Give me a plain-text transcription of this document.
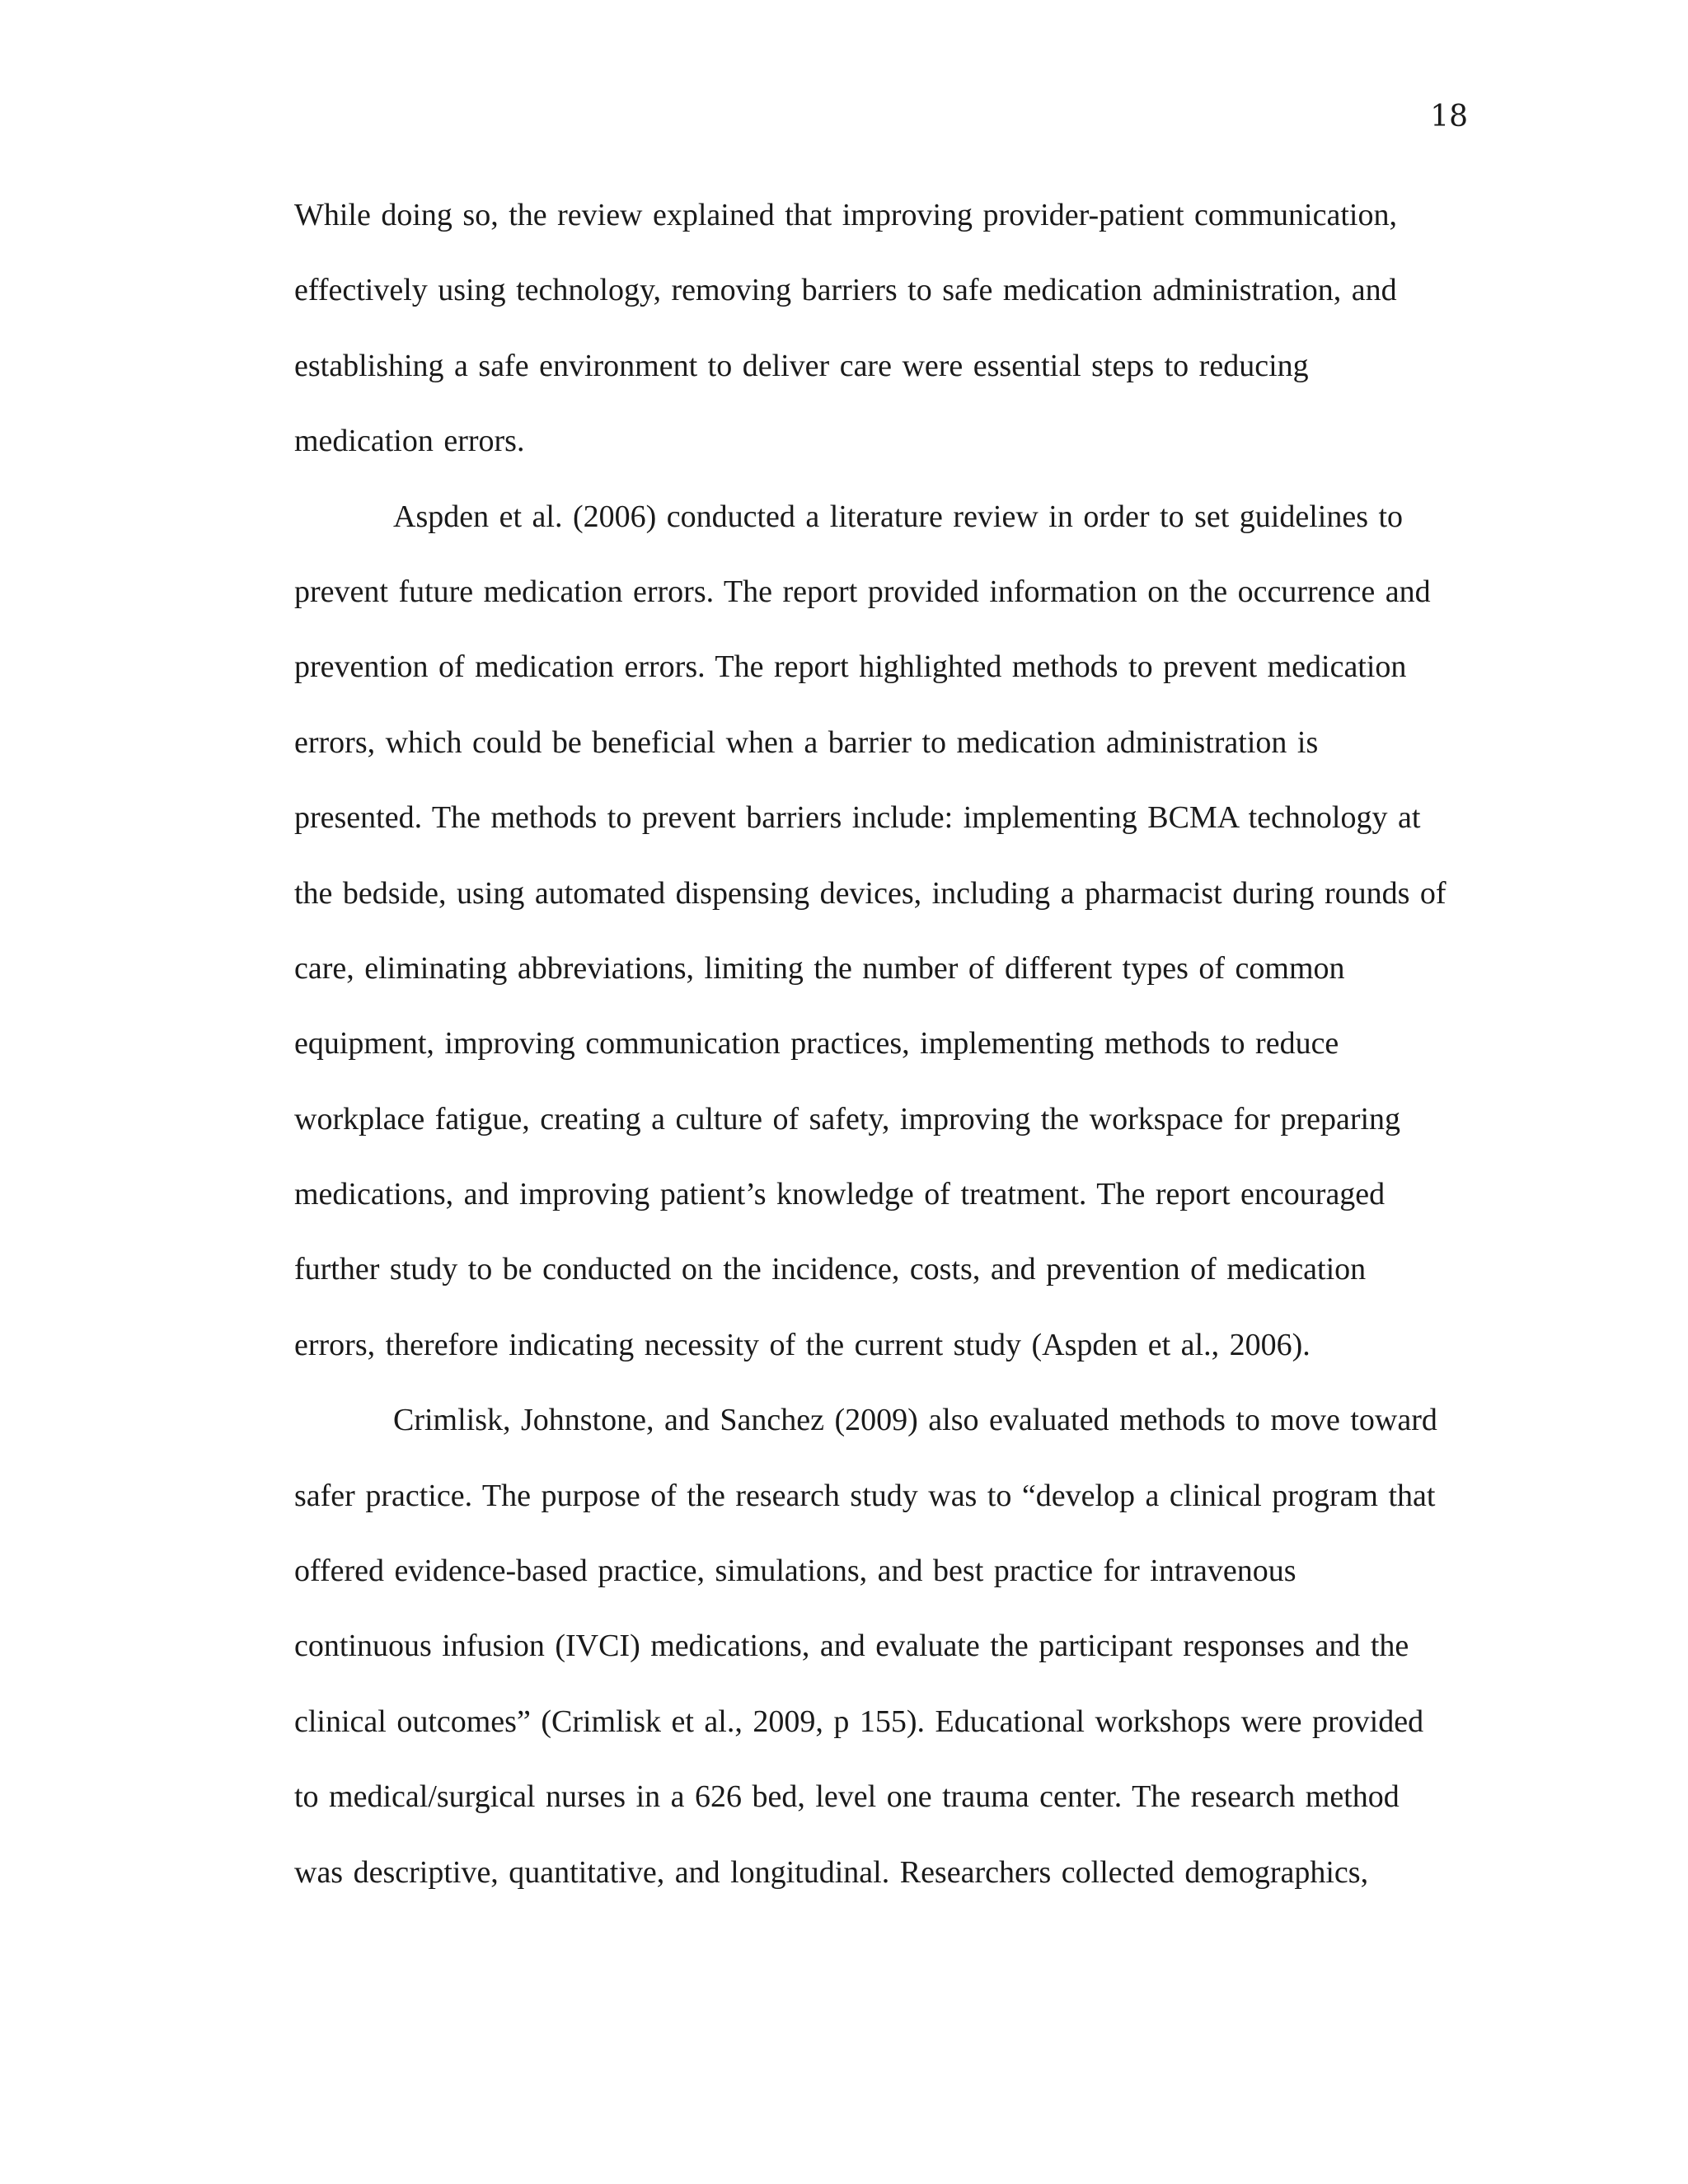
18
While doing so, the review explained that improving provider-patient communication,
effectively using technology, removing barriers to safe medication administration, and
establishing a safe environment to deliver care were essential steps to reducing
medication errors.
Aspden et al. (2006) conducted a literature review in order to set guidelines to
prevent future medication errors. The report provided information on the occurrence and
prevention of medication errors. The report highlighted methods to prevent medication
errors, which could be beneficial when a barrier to medication administration is
presented. The methods to prevent barriers include: implementing BCMA technology at
the bedside, using automated dispensing devices, including a pharmacist during rounds of
care, eliminating abbreviations, limiting the number of different types of common
equipment, improving communication practices, implementing methods to reduce
workplace fatigue, creating a culture of safety, improving the workspace for preparing
medications, and improving patient’s knowledge of treatment. The report encouraged
further study to be conducted on the incidence, costs, and prevention of medication
errors, therefore indicating necessity of the current study (Aspden et al., 2006).
Crimlisk, Johnstone, and Sanchez (2009) also evaluated methods to move toward
safer practice. The purpose of the research study was to “develop a clinical program that
offered evidence-based practice, simulations, and best practice for intravenous
continuous infusion (IVCI) medications, and evaluate the participant responses and the
clinical outcomes” (Crimlisk et al., 2009, p 155). Educational workshops were provided
to medical/surgical nurses in a 626 bed, level one trauma center. The research method
was descriptive, quantitative, and longitudinal. Researchers collected demographics,
